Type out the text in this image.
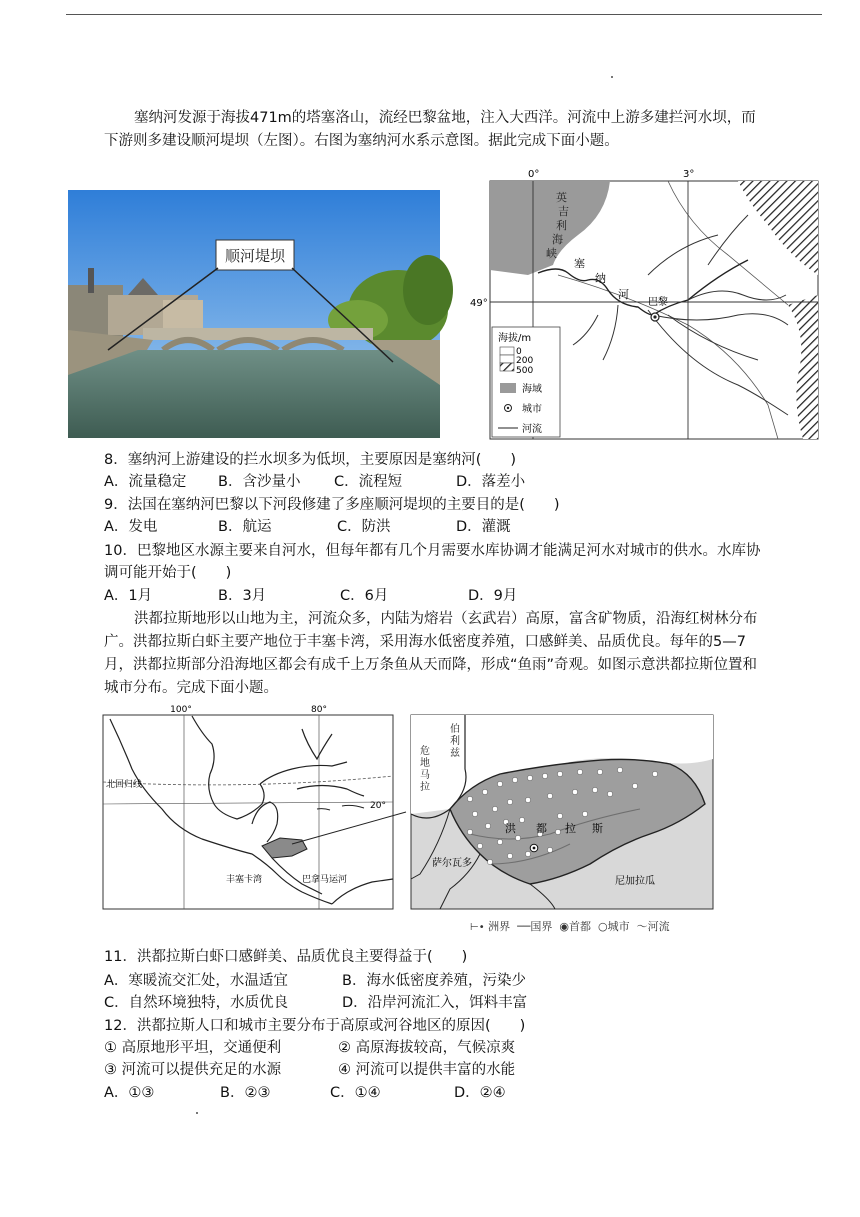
塞纳河发源于海拔471m的塔塞洛山，流经巴黎盆地，注入大西洋。河流中上游多建拦河水坝，而下游则多建设顺河堤坝（左图）。右图为塞纳河水系示意图。据此完成下面小题。
顺河堤坝
0°	3°
49°
英吉利海峡
塞
纳
河
巴黎
海拔/m
0
200
500
海域
城市
河流
8．塞纳河上游建设的拦水坝多为低坝，主要原因是塞纳河(　　)
A．流量稳定 B．含沙量小 C．流程短	D．落差小
9．法国在塞纳河巴黎以下河段修建了多座顺河堤坝的主要目的是(　　)
A．发电	B．航运	C．防洪	D．灌溉
10．巴黎地区水源主要来自河水，但每年都有几个月需要水库协调才能满足河水对城市的供水。水库协调可能开始于(　　)
A．1月	B．3月	C．6月	D．9月
洪都拉斯地形以山地为主，河流众多，内陆为熔岩（玄武岩）高原，富含矿物质，沿海红树林分布广。洪都拉斯白虾主要产地位于丰塞卡湾，采用海水低密度养殖，口感鲜美、品质优良。每年的5—7月，洪都拉斯部分沿海地区都会有成千上万条鱼从天而降，形成“鱼雨”奇观。如图示意洪都拉斯位置和城市分布。完成下面小题。
100°	80°
20°
北回归线
丰塞卡湾	巴拿马运河
伯利兹
危地马拉
洪 都 拉 斯
萨尔瓦多
尼加拉瓜
⊢• 洲界 ──国界 ◉首都 ○城市 〜河流
11．洪都拉斯白虾口感鲜美、品质优良主要得益于(　　)
A．寒暖流交汇处，水温适宜	B．海水低密度养殖，污染少
C．自然环境独特，水质优良	D．沿岸河流汇入，饵料丰富
12．洪都拉斯人口和城市主要分布于高原或河谷地区的原因(　　)
① 高原地形平坦，交通便利	② 高原海拔较高，气候凉爽
③ 河流可以提供充足的水源	④ 河流可以提供丰富的水能
A．①③	B．②③	C．①④	D．②④
